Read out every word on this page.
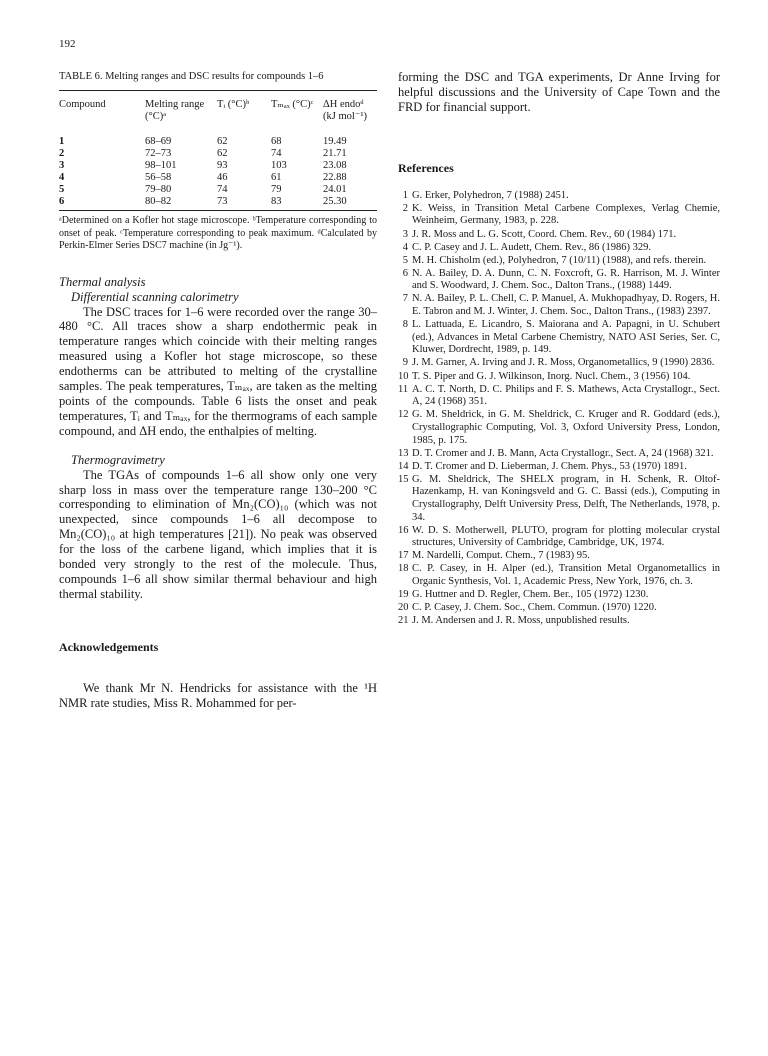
192
TABLE 6. Melting ranges and DSC results for compounds 1–6
Compound	Melting range (°C)ᵃ	Tᵢ (°C)ᵇ	Tₘₐₓ (°C)ᶜ	ΔH endoᵈ (kJ mol⁻¹)
1	68–69	62	68	19.49
2	72–73	62	74	21.71
3	98–101	93	103	23.08
4	56–58	46	61	22.88
5	79–80	74	79	24.01
6	80–82	73	83	25.30
ᵃDetermined on a Kofler hot stage microscope. ᵇTemperature corresponding to onset of peak. ᶜTemperature corresponding to peak maximum. ᵈCalculated by Perkin-Elmer Series DSC7 machine (in Jg⁻¹).
Thermal analysis
Differential scanning calorimetry

The DSC traces for 1–6 were recorded over the range 30–480 °C. All traces show a sharp endothermic peak in temperature ranges which coincide with their melting ranges measured using a Kofler hot stage microscope, so these endotherms can be attributed to melting of the crystalline samples. The peak temperatures, Tₘₐₓ, are taken as the melting points of the compounds. Table 6 lists the onset and peak temperatures, Tᵢ and Tₘₐₓ, for the thermograms of each sample compound, and ΔH endo, the enthalpies of melting.

Thermogravimetry

The TGAs of compounds 1–6 all show only one very sharp loss in mass over the temperature range 130–200 °C corresponding to elimination of Mn₂(CO)₁₀ (which was not unexpected, since compounds 1–6 all decompose to Mn₂(CO)₁₀ at high temperatures [21]). No peak was observed for the loss of the carbene ligand, which implies that it is bonded very strongly to the rest of the molecule. Thus, compounds 1–6 all show similar thermal behaviour and high thermal stability.

Acknowledgements

We thank Mr N. Hendricks for assistance with the ¹H NMR rate studies, Miss R. Mohammed for per-

forming the DSC and TGA experiments, Dr Anne Irving for helpful discussions and the University of Cape Town and the FRD for financial support.

References
1 G. Erker, Polyhedron, 7 (1988) 2451.
2 K. Weiss, in Transition Metal Carbene Complexes, Verlag Chemie, Weinheim, Germany, 1983, p. 228.
3 J. R. Moss and L. G. Scott, Coord. Chem. Rev., 60 (1984) 171.
4 C. P. Casey and J. L. Audett, Chem. Rev., 86 (1986) 329.
5 M. H. Chisholm (ed.), Polyhedron, 7 (10/11) (1988), and refs. therein.
6 N. A. Bailey, D. A. Dunn, C. N. Foxcroft, G. R. Harrison, M. J. Winter and S. Woodward, J. Chem. Soc., Dalton Trans., (1988) 1449.
7 N. A. Bailey, P. L. Chell, C. P. Manuel, A. Mukhopadhyay, D. Rogers, H. E. Tabron and M. J. Winter, J. Chem. Soc., Dalton Trans., (1983) 2397.
8 L. Lattuada, E. Licandro, S. Maiorana and A. Papagni, in U. Schubert (ed.), Advances in Metal Carbene Chemistry, NATO ASI Series, Ser. C, Kluwer, Dordrecht, 1989, p. 149.
9 J. M. Garner, A. Irving and J. R. Moss, Organometallics, 9 (1990) 2836.
10 T. S. Piper and G. J. Wilkinson, Inorg. Nucl. Chem., 3 (1956) 104.
11 A. C. T. North, D. C. Philips and F. S. Mathews, Acta Crystallogr., Sect. A, 24 (1968) 351.
12 G. M. Sheldrick, in G. M. Sheldrick, C. Kruger and R. Goddard (eds.), Crystallographic Computing, Vol. 3, Oxford University Press, London, 1985, p. 175.
13 D. T. Cromer and J. B. Mann, Acta Crystallogr., Sect. A, 24 (1968) 321.
14 D. T. Cromer and D. Lieberman, J. Chem. Phys., 53 (1970) 1891.
15 G. M. Sheldrick, The SHELX program, in H. Schenk, R. Oltof-Hazenkamp, H. van Koningsveld and G. C. Bassi (eds.), Computing in Crystallography, Delft University Press, Delft, The Netherlands, 1978, p. 34.
16 W. D. S. Motherwell, PLUTO, program for plotting molecular crystal structures, University of Cambridge, Cambridge, UK, 1974.
17 M. Nardelli, Comput. Chem., 7 (1983) 95.
18 C. P. Casey, in H. Alper (ed.), Transition Metal Organometallics in Organic Synthesis, Vol. 1, Academic Press, New York, 1976, ch. 3.
19 G. Huttner and D. Regler, Chem. Ber., 105 (1972) 1230.
20 C. P. Casey, J. Chem. Soc., Chem. Commun. (1970) 1220.
21 J. M. Andersen and J. R. Moss, unpublished results.
